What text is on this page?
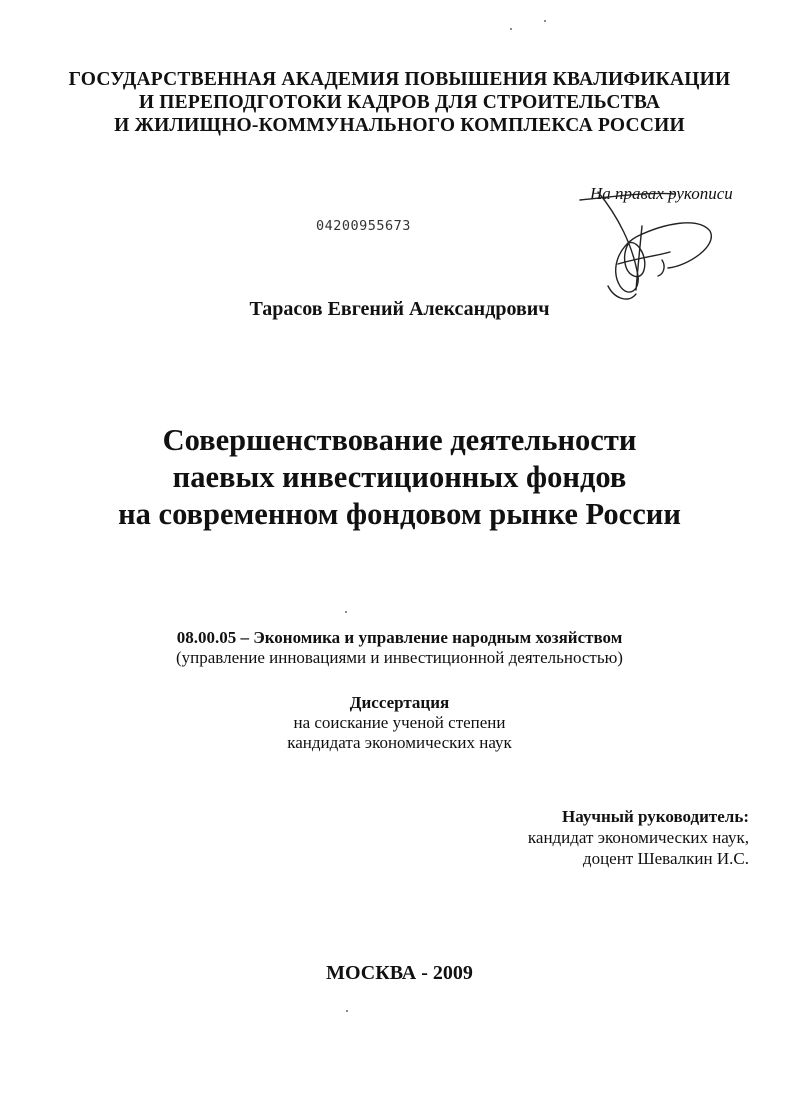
ГОСУДАРСТВЕННАЯ АКАДЕМИЯ ПОВЫШЕНИЯ КВАЛИФИКАЦИИ
И ПЕРЕПОДГОТОКИ КАДРОВ ДЛЯ СТРОИТЕЛЬСТВА
И ЖИЛИЩНО-КОММУНАЛЬНОГО КОМПЛЕКСА РОССИИ
04200955673
На правах рукописи
Тарасов Евгений Александрович
Совершенствование деятельности
паевых инвестиционных фондов
на современном фондовом рынке России
08.00.05 – Экономика и управление народным хозяйством
(управление инновациями и инвестиционной деятельностью)
Диссертация
на соискание ученой степени
кандидата экономических наук
Научный руководитель:
кандидат экономических наук,
доцент Шевалкин И.С.
МОСКВА - 2009
